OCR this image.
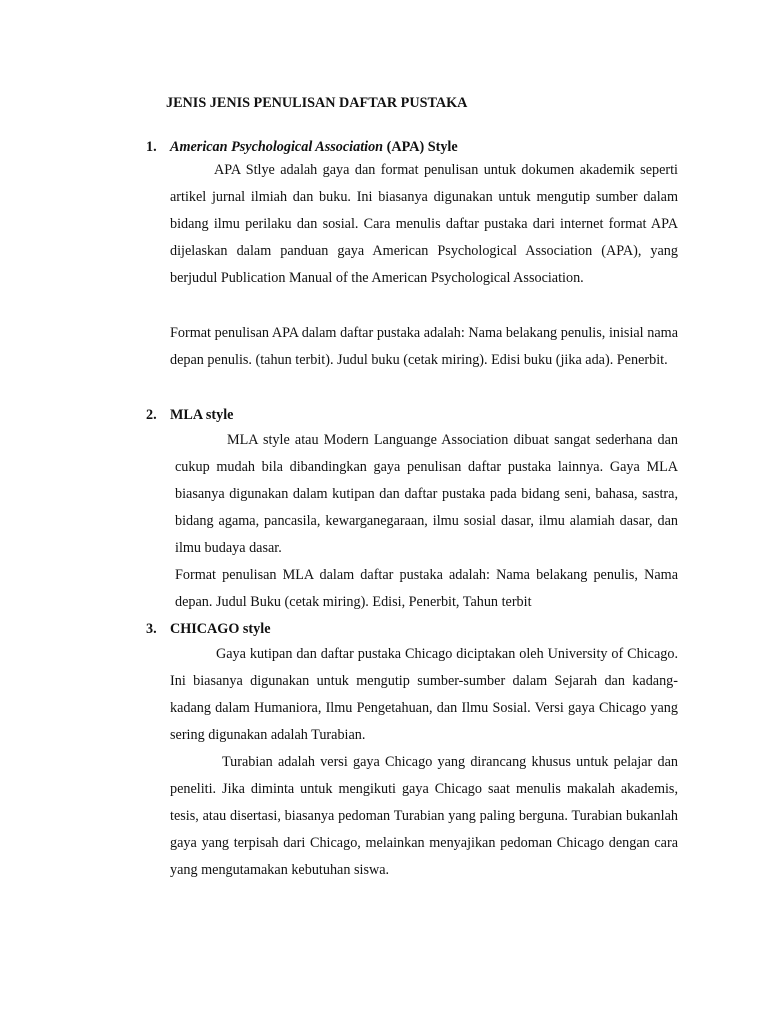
JENIS JENIS PENULISAN DAFTAR PUSTAKA
1. American Psychological Association (APA) Style

APA Stlye adalah gaya dan format penulisan untuk dokumen akademik seperti artikel jurnal ilmiah dan buku. Ini biasanya digunakan untuk mengutip sumber dalam bidang ilmu perilaku dan sosial. Cara menulis daftar pustaka dari internet format APA dijelaskan dalam panduan gaya American Psychological Association (APA), yang berjudul Publication Manual of the American Psychological Association.

Format penulisan APA dalam daftar pustaka adalah: Nama belakang penulis, inisial nama depan penulis. (tahun terbit). Judul buku (cetak miring). Edisi buku (jika ada). Penerbit.

2. MLA style

MLA style atau Modern Languange Association dibuat sangat sederhana dan cukup mudah bila dibandingkan gaya penulisan daftar pustaka lainnya. Gaya MLA biasanya digunakan dalam kutipan dan daftar pustaka pada bidang seni, bahasa, sastra, bidang agama, pancasila, kewarganegaraan, ilmu sosial dasar, ilmu alamiah dasar, dan ilmu budaya dasar.

Format penulisan MLA dalam daftar pustaka adalah: Nama belakang penulis, Nama depan. Judul Buku (cetak miring). Edisi, Penerbit, Tahun terbit

3. CHICAGO style

Gaya kutipan dan daftar pustaka Chicago diciptakan oleh University of Chicago. Ini biasanya digunakan untuk mengutip sumber-sumber dalam Sejarah dan kadang-kadang dalam Humaniora, Ilmu Pengetahuan, dan Ilmu Sosial. Versi gaya Chicago yang sering digunakan adalah Turabian.

Turabian adalah versi gaya Chicago yang dirancang khusus untuk pelajar dan peneliti. Jika diminta untuk mengikuti gaya Chicago saat menulis makalah akademis, tesis, atau disertasi, biasanya pedoman Turabian yang paling berguna. Turabian bukanlah gaya yang terpisah dari Chicago, melainkan menyajikan pedoman Chicago dengan cara yang mengutamakan kebutuhan siswa.
